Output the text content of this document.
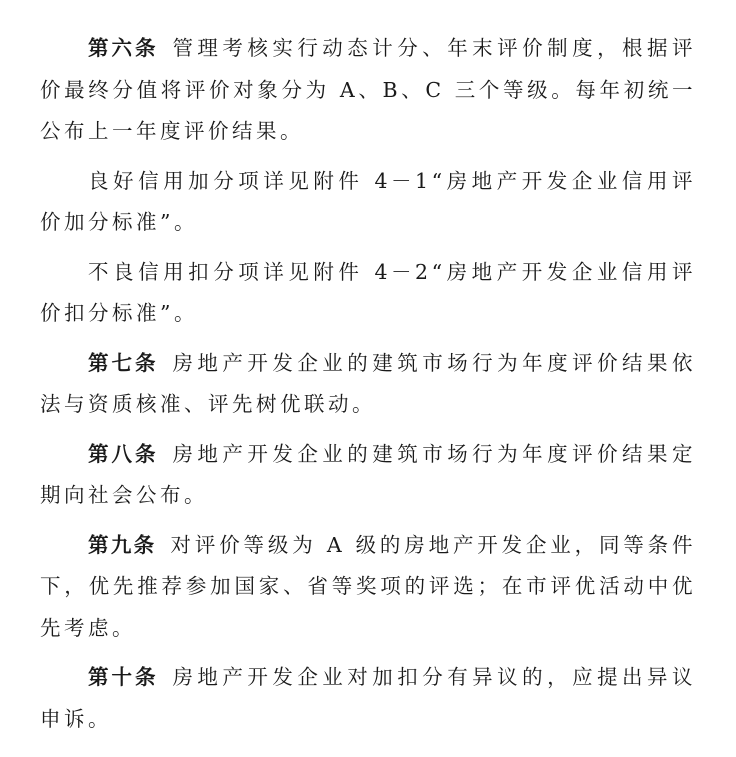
第六条 管理考核实行动态计分、年末评价制度，根据评价最终分值将评价对象分为 A、B、C 三个等级。每年初统一公布上一年度评价结果。

良好信用加分项详见附件 4－1“房地产开发企业信用评价加分标准”。

不良信用扣分项详见附件 4－2“房地产开发企业信用评价扣分标准”。

第七条 房地产开发企业的建筑市场行为年度评价结果依法与资质核准、评先树优联动。

第八条 房地产开发企业的建筑市场行为年度评价结果定期向社会公布。

第九条 对评价等级为 A 级的房地产开发企业，同等条件下，优先推荐参加国家、省等奖项的评选；在市评优活动中优先考虑。

第十条 房地产开发企业对加扣分有异议的，应提出异议申诉。
